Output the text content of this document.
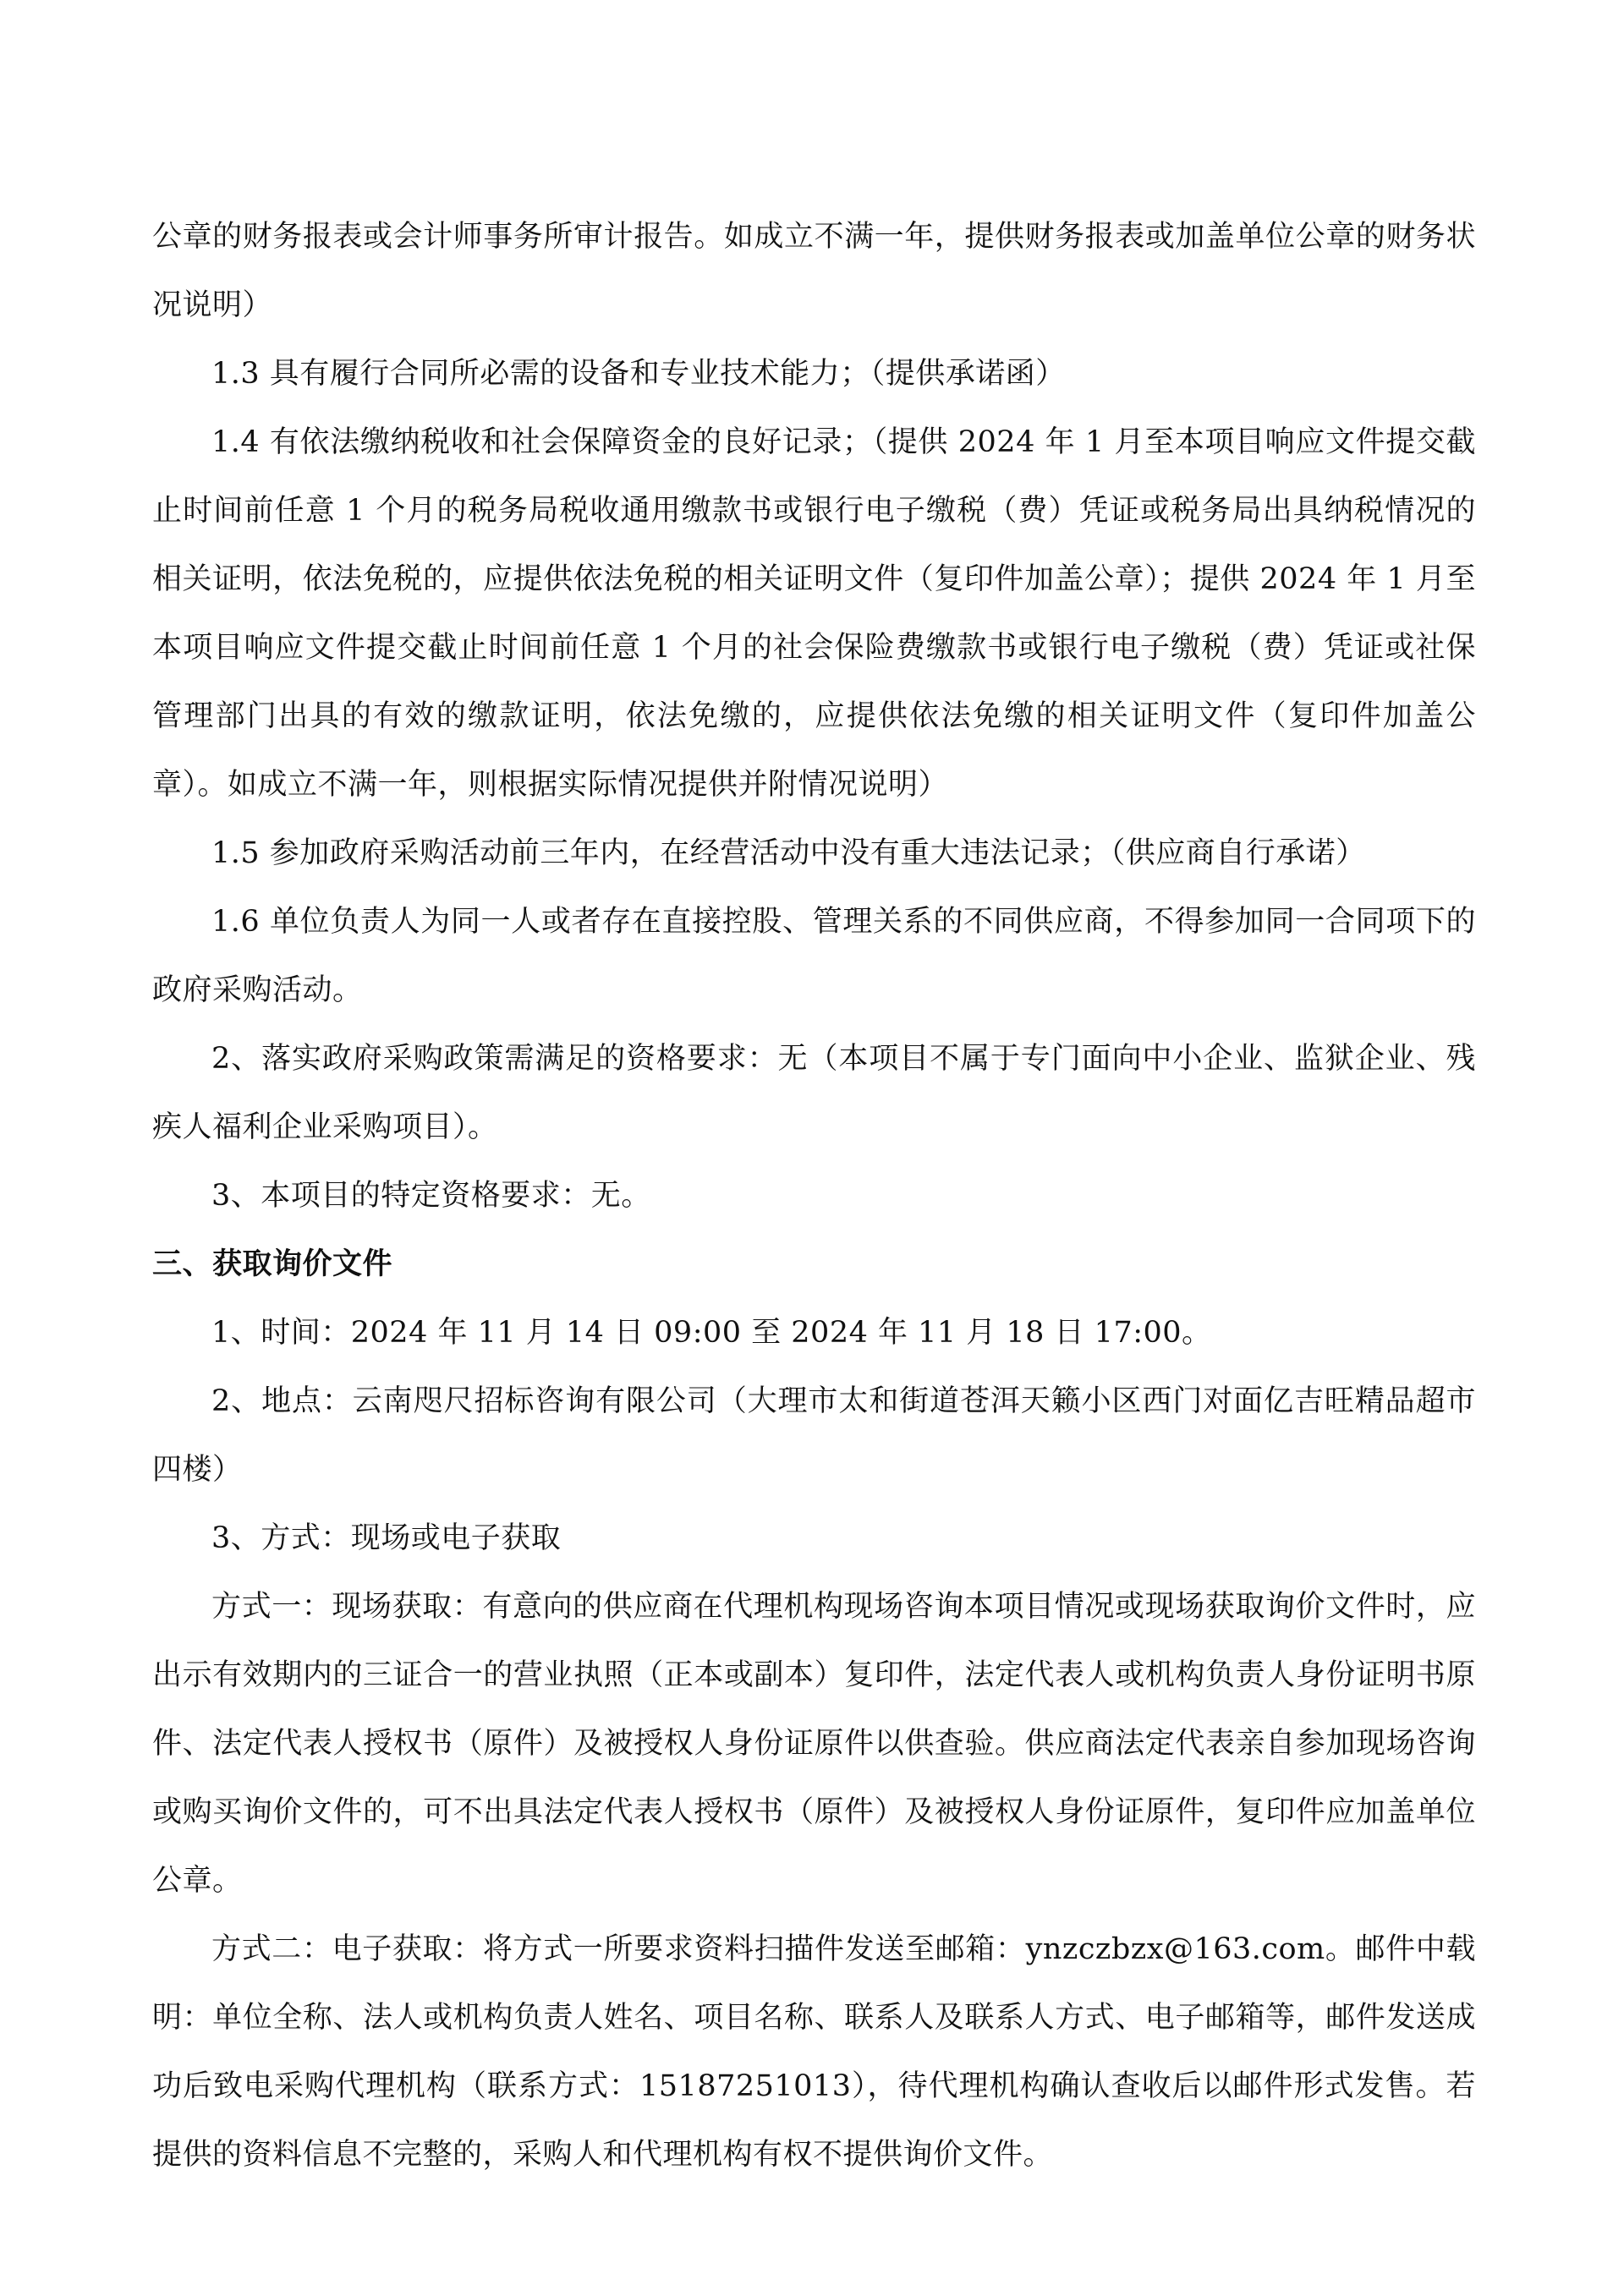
公章的财务报表或会计师事务所审计报告。如成立不满一年，提供财务报表或加盖单位公章的财务状况说明）

1.3 具有履行合同所必需的设备和专业技术能力；（提供承诺函）

1.4 有依法缴纳税收和社会保障资金的良好记录；（提供 2024 年 1 月至本项目响应文件提交截止时间前任意 1 个月的税务局税收通用缴款书或银行电子缴税（费）凭证或税务局出具纳税情况的相关证明，依法免税的，应提供依法免税的相关证明文件（复印件加盖公章）；提供 2024 年 1 月至本项目响应文件提交截止时间前任意 1 个月的社会保险费缴款书或银行电子缴税（费）凭证或社保管理部门出具的有效的缴款证明，依法免缴的，应提供依法免缴的相关证明文件（复印件加盖公章）。如成立不满一年，则根据实际情况提供并附情况说明）

1.5 参加政府采购活动前三年内，在经营活动中没有重大违法记录；（供应商自行承诺）

1.6 单位负责人为同一人或者存在直接控股、管理关系的不同供应商，不得参加同一合同项下的政府采购活动。

2、落实政府采购政策需满足的资格要求：无（本项目不属于专门面向中小企业、监狱企业、残疾人福利企业采购项目）。

3、本项目的特定资格要求：无。

三、获取询价文件

1、时间：2024 年 11 月 14 日 09:00 至 2024 年 11 月 18 日 17:00。

2、地点：云南咫尺招标咨询有限公司（大理市太和街道苍洱天籁小区西门对面亿吉旺精品超市四楼）

3、方式：现场或电子获取

方式一：现场获取：有意向的供应商在代理机构现场咨询本项目情况或现场获取询价文件时，应出示有效期内的三证合一的营业执照（正本或副本）复印件，法定代表人或机构负责人身份证明书原件、法定代表人授权书（原件）及被授权人身份证原件以供查验。供应商法定代表亲自参加现场咨询或购买询价文件的，可不出具法定代表人授权书（原件）及被授权人身份证原件，复印件应加盖单位公章。

方式二：电子获取：将方式一所要求资料扫描件发送至邮箱：ynzczbzx@163.com。邮件中载明：单位全称、法人或机构负责人姓名、项目名称、联系人及联系人方式、电子邮箱等，邮件发送成功后致电采购代理机构（联系方式：15187251013），待代理机构确认查收后以邮件形式发售。若提供的资料信息不完整的，采购人和代理机构有权不提供询价文件。
